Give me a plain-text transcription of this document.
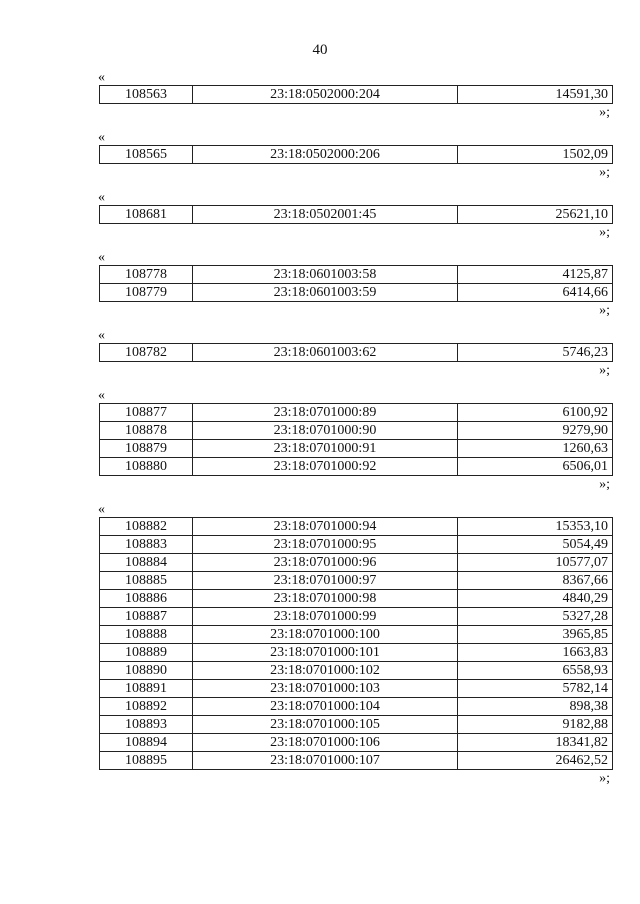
40
«
108563	23:18:0502000:204	14591,30
»;
«
108565	23:18:0502000:206	1502,09
»;
«
108681	23:18:0502001:45	25621,10
»;
«
108778	23:18:0601003:58	4125,87
108779	23:18:0601003:59	6414,66
»;
«
108782	23:18:0601003:62	5746,23
»;
«
108877	23:18:0701000:89	6100,92
108878	23:18:0701000:90	9279,90
108879	23:18:0701000:91	1260,63
108880	23:18:0701000:92	6506,01
»;
«
108882	23:18:0701000:94	15353,10
108883	23:18:0701000:95	5054,49
108884	23:18:0701000:96	10577,07
108885	23:18:0701000:97	8367,66
108886	23:18:0701000:98	4840,29
108887	23:18:0701000:99	5327,28
108888	23:18:0701000:100	3965,85
108889	23:18:0701000:101	1663,83
108890	23:18:0701000:102	6558,93
108891	23:18:0701000:103	5782,14
108892	23:18:0701000:104	898,38
108893	23:18:0701000:105	9182,88
108894	23:18:0701000:106	18341,82
108895	23:18:0701000:107	26462,52
»;
